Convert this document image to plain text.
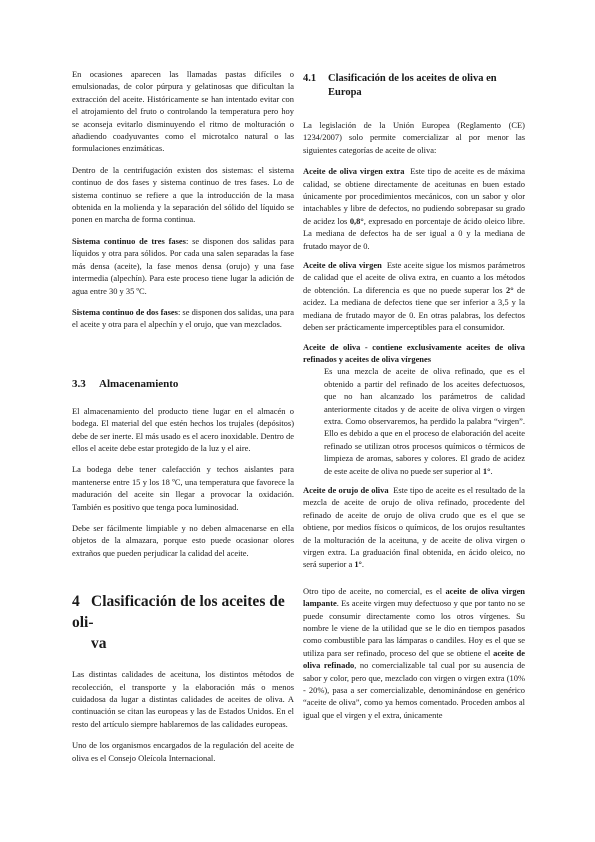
En ocasiones aparecen las llamadas pastas difíciles o emulsionadas, de color púrpura y gelatinosas que dificultan la extracción del aceite. Históricamente se han intentado evitar con el atrojamiento del fruto o controlando la temperatura pero hoy se aconseja evitarlo disminuyendo el ritmo de molturación o añadiendo coadyuvantes como el microtalco natural o las formulaciones enzimáticas.

Dentro de la centrifugación existen dos sistemas: el sistema continuo de dos fases y sistema continuo de tres fases. Lo de sistema continuo se refiere a que la introducción de la masa obtenida en la molienda y la separación del sólido del líquido se ponen en marcha de forma continua.

Sistema continuo de tres fases: se disponen dos salidas para líquidos y otra para sólidos. Por cada una salen separadas la fase más densa (aceite), la fase menos densa (orujo) y una fase intermedia (alpechín). Para este proceso tiene lugar la adición de agua entre 30 y 35 ºC.

Sistema continuo de dos fases: se disponen dos salidas, una para el aceite y otra para el alpechín y el orujo, que van mezclados.

3.3 Almacenamiento

El almacenamiento del producto tiene lugar en el almacén o bodega. El material del que estén hechos los trujales (depósitos) debe de ser inerte. El más usado es el acero inoxidable. Dentro de ellos el aceite debe estar protegido de la luz y el aire.

La bodega debe tener calefacción y techos aislantes para mantenerse entre 15 y los 18 ºC, una temperatura que favorece la maduración del aceite sin llegar a provocar la oxidación. También es positivo que tenga poca luminosidad.

Debe ser fácilmente limpiable y no deben almacenarse en ella objetos de la almazara, porque esto puede ocasionar olores extraños que pueden perjudicar la calidad del aceite.

4 Clasificación de los aceites de oli-
va

Las distintas calidades de aceituna, los distintos métodos de recolección, el transporte y la elaboración más o menos cuidadosa da lugar a distintas calidades de aceites de oliva. A continuación se citan las europeas y las de Estados Unidos. En el resto del artículo siempre hablaremos de las calidades europeas.

Uno de los organismos encargados de la regulación del aceite de oliva es el Consejo Oleícola Internacional.

4.1	Clasificación de los aceites de oliva en Europa

La legislación de la Unión Europea (Reglamento (CE) 1234/2007) solo permite comercializar al por menor las siguientes categorías de aceite de oliva:

Aceite de oliva virgen extra Este tipo de aceite es de máxima calidad, se obtiene directamente de aceitunas en buen estado únicamente por procedimientos mecánicos, con un sabor y olor intachables y libre de defectos, no pudiendo sobrepasar su grado de acidez los 0,8°, expresado en porcentaje de ácido oleico libre. La mediana de defectos ha de ser igual a 0 y la mediana de frutado mayor de 0.
Aceite de oliva virgen Este aceite sigue los mismos parámetros de calidad que el aceite de oliva extra, en cuanto a los métodos de obtención. La diferencia es que no puede superar los 2° de acidez. La mediana de defectos tiene que ser inferior a 3,5 y la mediana de frutado mayor de 0. En otras palabras, los defectos deben ser prácticamente imperceptibles para el consumidor.
Aceite de oliva - contiene exclusivamente aceites de oliva refinados y aceites de oliva vírgenes
Es una mezcla de aceite de oliva refinado, que es el obtenido a partir del refinado de los aceites defectuosos, que no han alcanzado los parámetros de calidad anteriormente citados y de aceite de oliva virgen o virgen extra. Como observaremos, ha perdido la palabra “virgen”. Ello es debido a que en el proceso de elaboración del aceite refinado se utilizan otros procesos químicos o térmicos de limpieza de aromas, sabores y colores. El grado de acidez de este aceite de oliva no puede ser superior al 1°.
Aceite de orujo de oliva Este tipo de aceite es el resultado de la mezcla de aceite de orujo de oliva refinado, procedente del refinado de aceite de orujo de oliva crudo que es el que se obtiene, por medios físicos o químicos, de los orujos resultantes de la molturación de la aceituna, y de aceite de oliva virgen o virgen extra. La graduación final obtenida, en ácido oleico, no será superior a 1°.

Otro tipo de aceite, no comercial, es el aceite de oliva virgen lampante. Es aceite virgen muy defectuoso y que por tanto no se puede consumir directamente como los otros vírgenes. Su nombre le viene de la utilidad que se le dio en tiempos pasados como combustible para las lámparas o candiles. Hoy es el que se utiliza para ser refinado, proceso del que se obtiene el aceite de oliva refinado, no comercializable tal cual por su ausencia de sabor y color, pero que, mezclado con virgen o virgen extra (10% - 20%), pasa a ser comercializable, denominándose en genérico “aceite de oliva”, como ya hemos comentado. Proceden ambos al igual que el virgen y el extra, únicamente
